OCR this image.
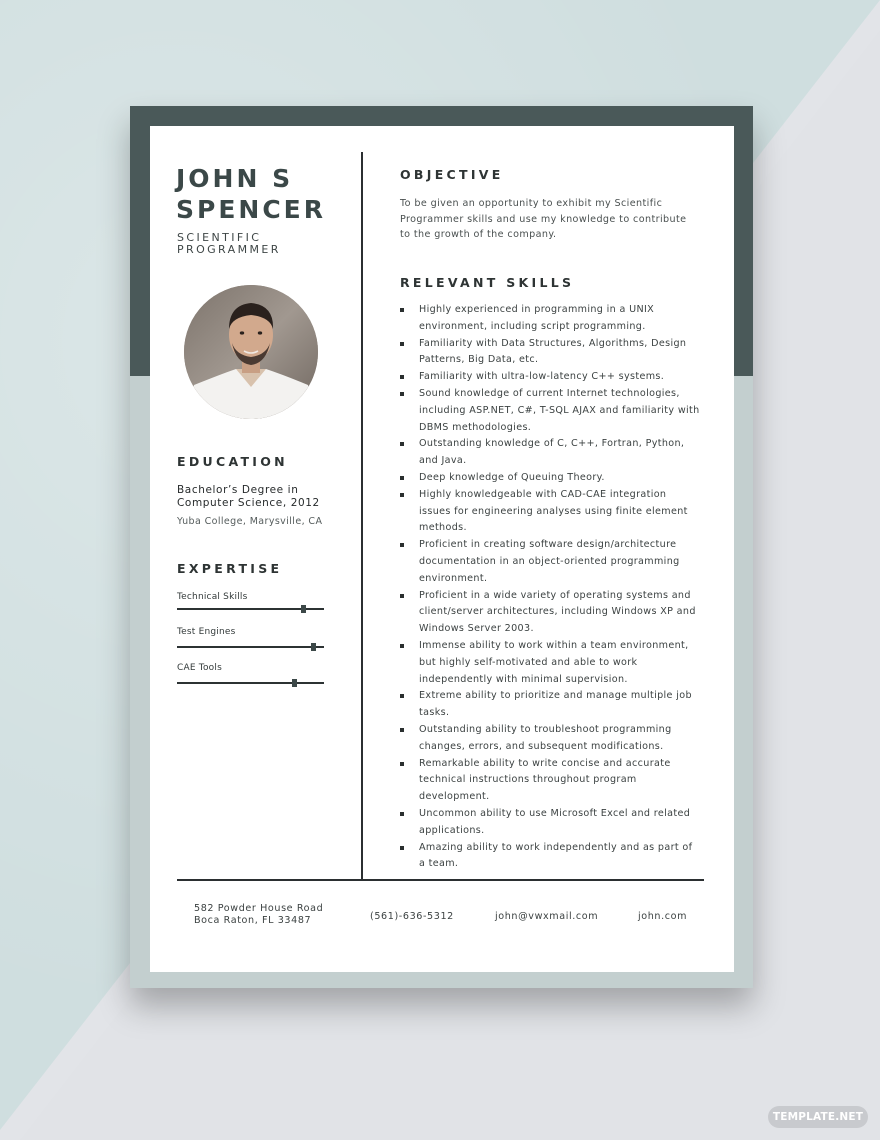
JOHN S SPENCER
SCIENTIFIC PROGRAMMER
EDUCATION
Bachelor’s Degree in Computer Science, 2012
Yuba College, Marysville, CA
EXPERTISE
Technical Skills
Test Engines
CAE Tools
OBJECTIVE
To be given an opportunity to exhibit my Scientific Programmer skills and use my knowledge to contribute to the growth of the company.
RELEVANT SKILLS
Highly experienced in programming in a UNIX environment, including script programming.
Familiarity with Data Structures, Algorithms, Design Patterns, Big Data, etc.
Familiarity with ultra-low-latency C++ systems.
Sound knowledge of current Internet technologies, including ASP.NET, C#, T-SQL AJAX and familiarity with DBMS methodologies.
Outstanding knowledge of C, C++, Fortran, Python, and Java.
Deep knowledge of Queuing Theory.
Highly knowledgeable with CAD-CAE integration issues for engineering analyses using finite element methods.
Proficient in creating software design/architecture documentation in an object-oriented programming environment.
Proficient in a wide variety of operating systems and client/server architectures, including Windows XP and Windows Server 2003.
Immense ability to work within a team environment, but highly self-motivated and able to work independently with minimal supervision.
Extreme ability to prioritize and manage multiple job tasks.
Outstanding ability to troubleshoot programming changes, errors, and subsequent modifications.
Remarkable ability to write concise and accurate technical instructions throughout program development.
Uncommon ability to use Microsoft Excel and related applications.
Amazing ability to work independently and as part of a team.
582 Powder House Road
Boca Raton, FL 33487	(561)-636-5312	john@vwxmail.com	john.com
TEMPLATE.NET
